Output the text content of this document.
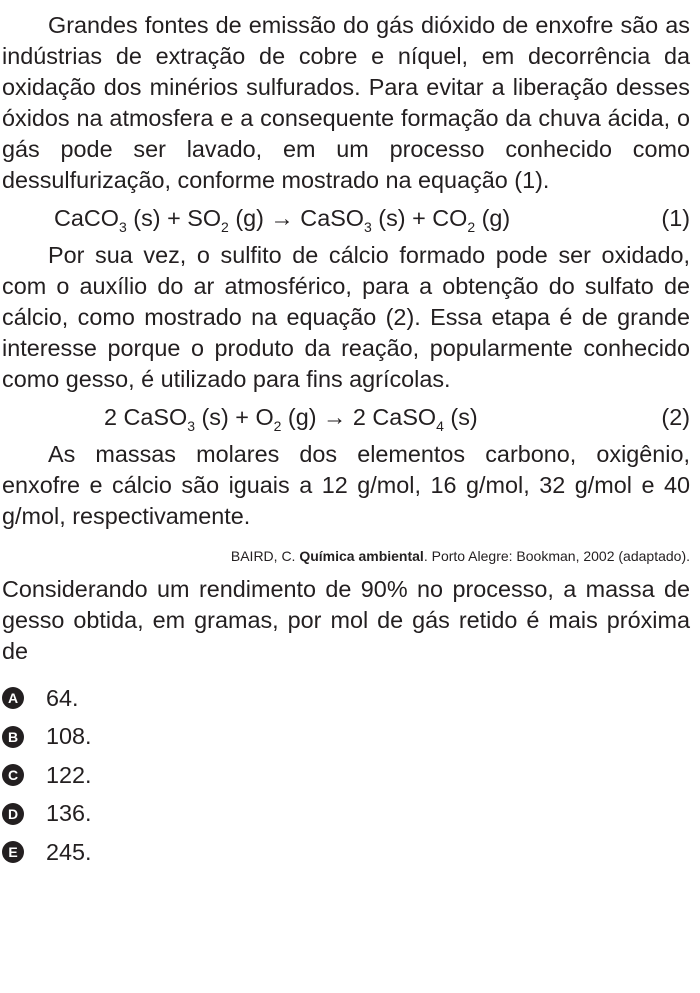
Grandes fontes de emissão do gás dióxido de enxofre são as indústrias de extração de cobre e níquel, em decorrência da oxidação dos minérios sulfurados. Para evitar a liberação desses óxidos na atmosfera e a consequente formação da chuva ácida, o gás pode ser lavado, em um processo conhecido como dessulfurização, conforme mostrado na equação (1).

CaCO$_3$ $(s) + SO_2$ (g) → CaSO$_3$ $(s) + CO_2$ (g)	(1)

Por sua vez, o sulfito de cálcio formado pode ser oxidado, com o auxílio do ar atmosférico, para a obtenção do sulfato de cálcio, como mostrado na equação (2). Essa etapa é de grande interesse porque o produto da reação, popularmente conhecido como gesso, é utilizado para fins agrícolas.

2 CaSO$_3$ $(s) + O_2$ (g) → 2 CaSO$_4$ (s)	(2)

As massas molares dos elementos carbono, oxigênio, enxofre e cálcio são iguais a 12 g/mol, 16 g/mol, 32 g/mol e 40 g/mol, respectivamente.

BAIRD, C. Química ambiental. Porto Alegre: Bookman, 2002 (adaptado).

Considerando um rendimento de 90% no processo, a massa de gesso obtida, em gramas, por mol de gás retido é mais próxima de

A 64.
B 108.
C 122.
D 136.
E 245.
